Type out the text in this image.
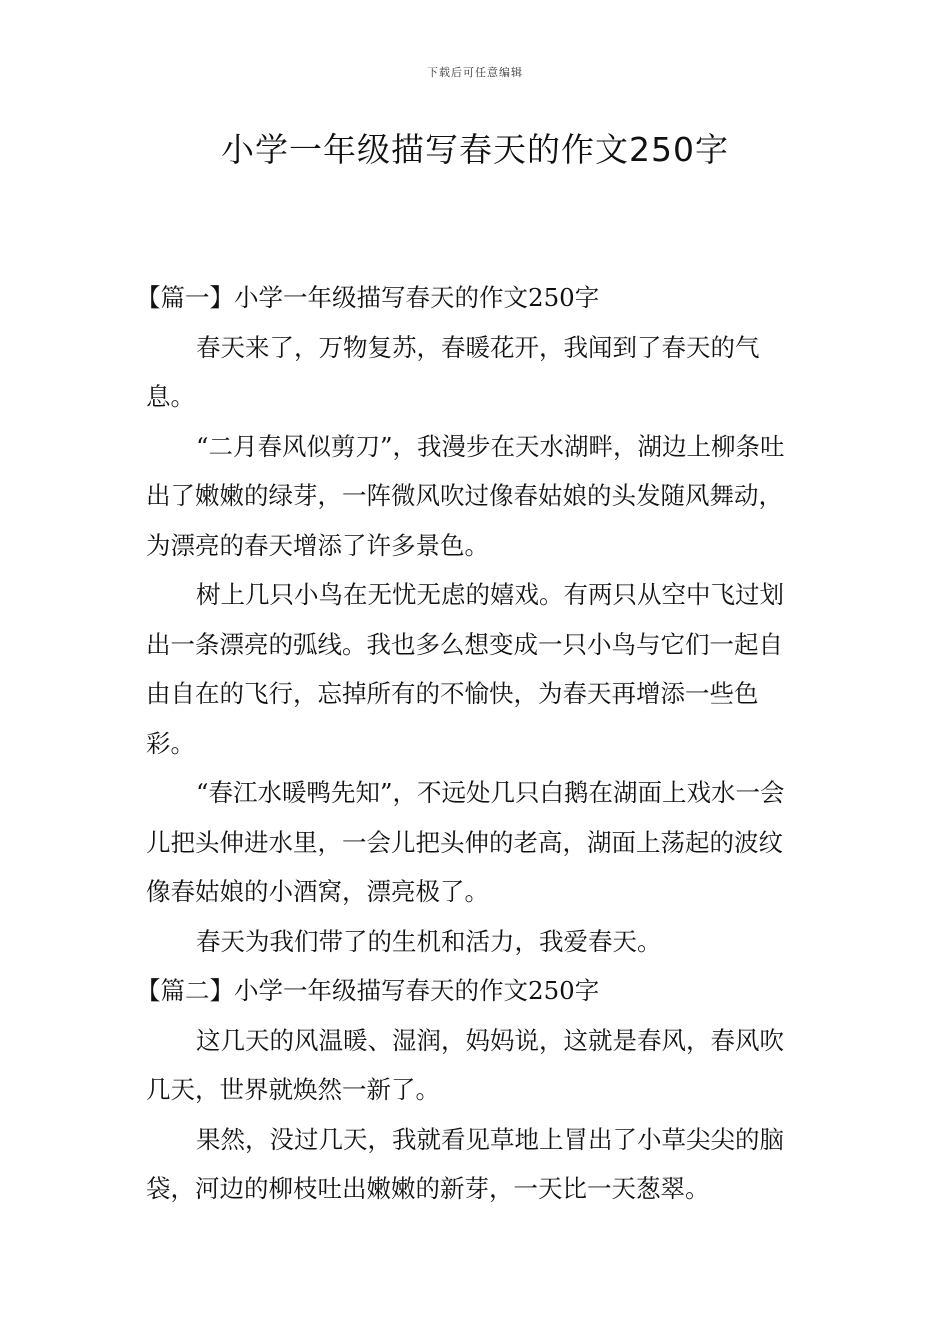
下载后可任意编辑
小学一年级描写春天的作文250字

【篇一】小学一年级描写春天的作文250字

春天来了，万物复苏，春暖花开，我闻到了春天的气息。

“二月春风似剪刀”，我漫步在天水湖畔，湖边上柳条吐出了嫩嫩的绿芽，一阵微风吹过像春姑娘的头发随风舞动，为漂亮的春天增添了许多景色。

树上几只小鸟在无忧无虑的嬉戏。有两只从空中飞过划出一条漂亮的弧线。我也多么想变成一只小鸟与它们一起自由自在的飞行，忘掉所有的不愉快，为春天再增添一些色彩。

“春江水暖鸭先知”，不远处几只白鹅在湖面上戏水一会儿把头伸进水里，一会儿把头伸的老高，湖面上荡起的波纹像春姑娘的小酒窝，漂亮极了。

春天为我们带了的生机和活力，我爱春天。

【篇二】小学一年级描写春天的作文250字

这几天的风温暖、湿润，妈妈说，这就是春风，春风吹几天，世界就焕然一新了。

果然，没过几天，我就看见草地上冒出了小草尖尖的脑袋，河边的柳枝吐出嫩嫩的新芽，一天比一天葱翠。
